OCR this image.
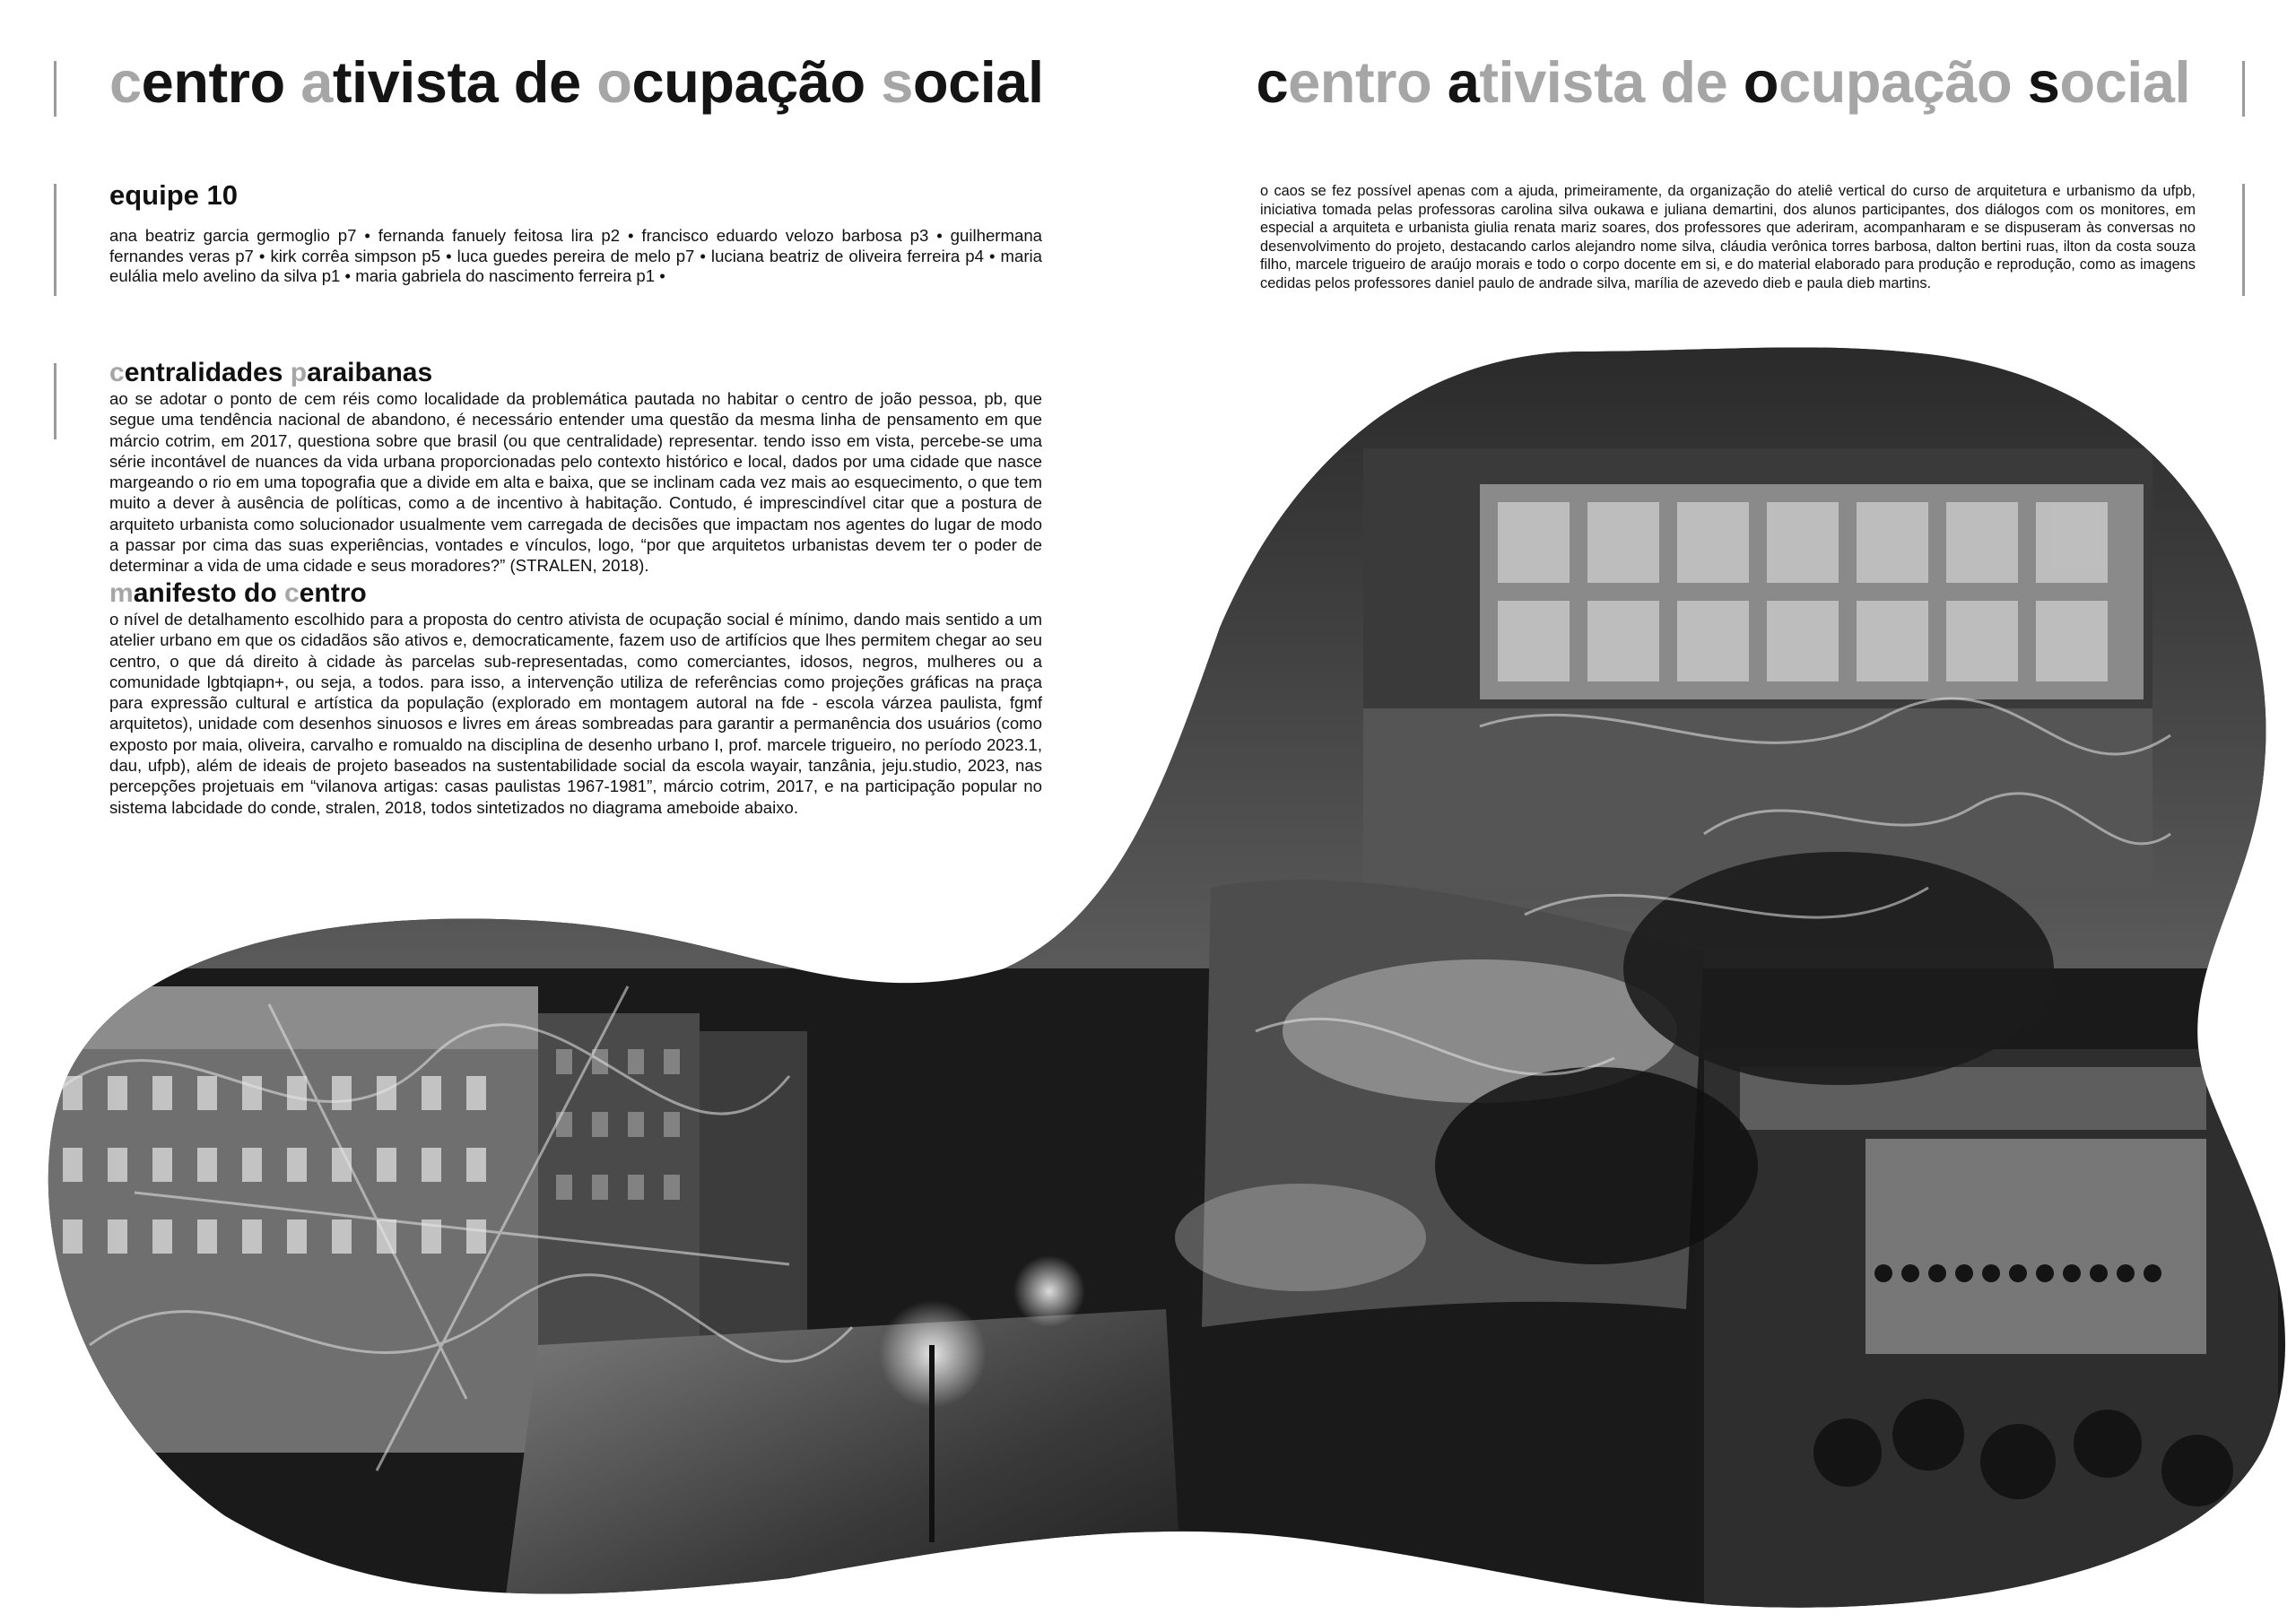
centro ativista de ocupação social	centro ativista de ocupação social
equipe 10

ana beatriz garcia germoglio p7 • fernanda fanuely feitosa lira p2 • francisco eduardo velozo barbosa p3 • guilhermana fernandes veras p7 • kirk corrêa simpson p5 • luca guedes pereira de melo p7 • luciana beatriz de oliveira ferreira p4 • maria eulália melo avelino da silva p1 • maria gabriela do nascimento ferreira p1 •

o caos se fez possível apenas com a ajuda, primeiramente, da organização do ateliê vertical do curso de arquitetura e urbanismo da ufpb, iniciativa tomada pelas professoras carolina silva oukawa e juliana demartini, dos alunos participantes, dos diálogos com os monitores, em especial a arquiteta e urbanista giulia renata mariz soares, dos professores que aderiram, acompanharam e se dispuseram às conversas no desenvolvimento do projeto, destacando carlos alejandro nome silva, cláudia verônica torres barbosa, dalton bertini ruas, ilton da costa souza filho, marcele trigueiro de araújo morais e todo o corpo docente em si, e do material elaborado para produção e reprodução, como as imagens cedidas pelos professores daniel paulo de andrade silva, marília de azevedo dieb e paula dieb martins.

centralidades paraibanas

ao se adotar o ponto de cem réis como localidade da problemática pautada no habitar o centro de joão pessoa, pb, que segue uma tendência nacional de abandono, é necessário entender uma questão da mesma linha de pensamento em que márcio cotrim, em 2017, questiona sobre que brasil (ou que centralidade) representar. tendo isso em vista, percebe-se uma série incontável de nuances da vida urbana proporcionadas pelo contexto histórico e local, dados por uma cidade que nasce margeando o rio em uma topografia que a divide em alta e baixa, que se inclinam cada vez mais ao esquecimento, o que tem muito a dever à ausência de políticas, como a de incentivo à habitação. Contudo, é imprescindível citar que a postura de arquiteto urbanista como solucionador usualmente vem carregada de decisões que impactam nos agentes do lugar de modo a passar por cima das suas experiências, vontades e vínculos, logo, “por que arquitetos urbanistas devem ter o poder de determinar a vida de uma cidade e seus moradores?” (STRALEN, 2018).

manifesto do centro

o nível de detalhamento escolhido para a proposta do centro ativista de ocupação social é mínimo, dando mais sentido a um atelier urbano em que os cidadãos são ativos e, democraticamente, fazem uso de artifícios que lhes permitem chegar ao seu centro, o que dá direito à cidade às parcelas sub-representadas, como comerciantes, idosos, negros, mulheres ou a comunidade lgbtqiapn+, ou seja, a todos. para isso, a intervenção utiliza de referências como projeções gráficas na praça para expressão cultural e artística da população (explorado em montagem autoral na fde - escola várzea paulista, fgmf arquitetos), unidade com desenhos sinuosos e livres em áreas sombreadas para garantir a permanência dos usuários (como exposto por maia, oliveira, carvalho e romualdo na disciplina de desenho urbano I, prof. marcele trigueiro, no período 2023.1, dau, ufpb), além de ideais de projeto baseados na sustentabilidade social da escola wayair, tanzânia, jeju.studio, 2023, nas percepções projetuais em “vilanova artigas: casas paulistas 1967-1981”, márcio cotrim, 2017, e na participação popular no sistema labcidade do conde, stralen, 2018, todos sintetizados no diagrama ameboide abaixo.
